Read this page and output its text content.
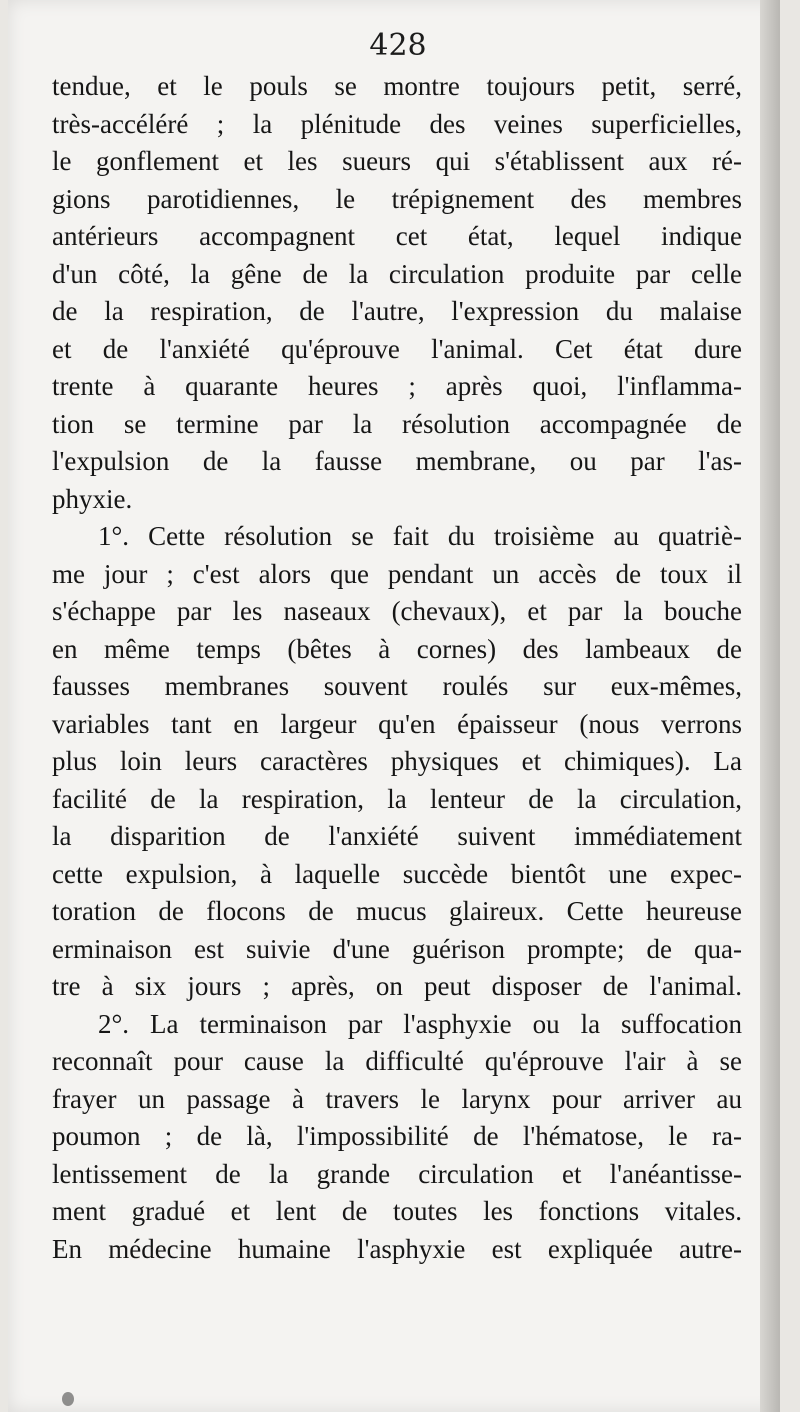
428
tendue, et le pouls se montre toujours petit, serré,
très-accéléré ; la plénitude des veines superficielles,
le gonflement et les sueurs qui s'établissent aux ré-
gions parotidiennes, le trépignement des membres
antérieurs accompagnent cet état, lequel indique
d'un côté, la gêne de la circulation produite par celle
de la respiration, de l'autre, l'expression du malaise
et de l'anxiété qu'éprouve l'animal. Cet état dure
trente à quarante heures ; après quoi, l'inflamma-
tion se termine par la résolution accompagnée de
l'expulsion de la fausse membrane, ou par l'as-
phyxie.
1°. Cette résolution se fait du troisième au quatriè-
me jour ; c'est alors que pendant un accès de toux il
s'échappe par les naseaux (chevaux), et par la bouche
en même temps (bêtes à cornes) des lambeaux de
fausses membranes souvent roulés sur eux-mêmes,
variables tant en largeur qu'en épaisseur (nous verrons
plus loin leurs caractères physiques et chimiques). La
facilité de la respiration, la lenteur de la circulation,
la disparition de l'anxiété suivent immédiatement
cette expulsion, à laquelle succède bientôt une expec-
toration de flocons de mucus glaireux. Cette heureuse
erminaison est suivie d'une guérison prompte; de qua-
tre à six jours ; après, on peut disposer de l'animal.
2°. La terminaison par l'asphyxie ou la suffocation
reconnaît pour cause la difficulté qu'éprouve l'air à se
frayer un passage à travers le larynx pour arriver au
poumon ; de là, l'impossibilité de l'hématose, le ra-
lentissement de la grande circulation et l'anéantisse-
ment gradué et lent de toutes les fonctions vitales.
En médecine humaine l'asphyxie est expliquée autre-
